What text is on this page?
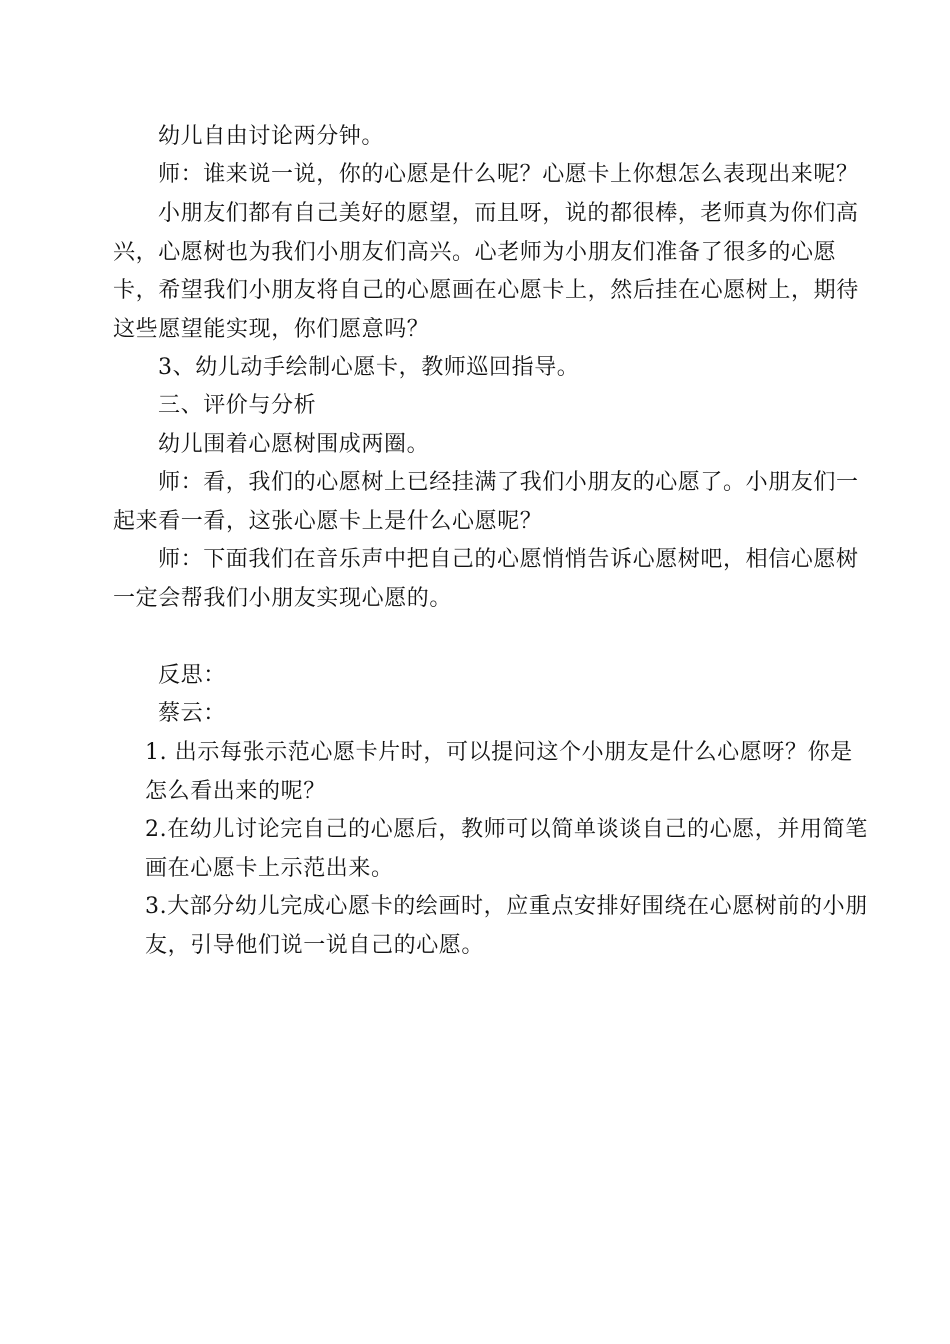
幼儿自由讨论两分钟。

师：谁来说一说，你的心愿是什么呢？心愿卡上你想怎么表现出来呢？

小朋友们都有自己美好的愿望，而且呀，说的都很棒，老师真为你们高兴，心愿树也为我们小朋友们高兴。心老师为小朋友们准备了很多的心愿卡，希望我们小朋友将自己的心愿画在心愿卡上，然后挂在心愿树上，期待这些愿望能实现，你们愿意吗？

3、幼儿动手绘制心愿卡，教师巡回指导。

三、评价与分析

幼儿围着心愿树围成两圈。

师：看，我们的心愿树上已经挂满了我们小朋友的心愿了。小朋友们一起来看一看，这张心愿卡上是什么心愿呢？

师：下面我们在音乐声中把自己的心愿悄悄告诉心愿树吧，相信心愿树一定会帮我们小朋友实现心愿的。

反思：

蔡云：

1. 出示每张示范心愿卡片时，可以提问这个小朋友是什么心愿呀？你是怎么看出来的呢？

2.在幼儿讨论完自己的心愿后，教师可以简单谈谈自己的心愿，并用简笔画在心愿卡上示范出来。

3.大部分幼儿完成心愿卡的绘画时，应重点安排好围绕在心愿树前的小朋友，引导他们说一说自己的心愿。
